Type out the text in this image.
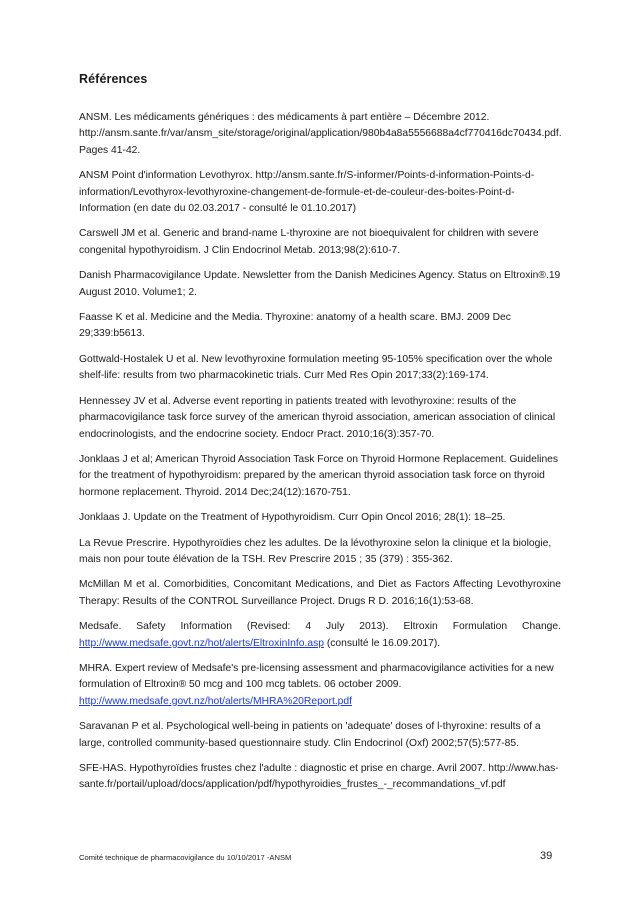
Références

ANSM. Les médicaments génériques : des médicaments à part entière – Décembre 2012. http://ansm.sante.fr/var/ansm_site/storage/original/application/980b4a8a5556688a4cf770416dc70434.pdf. Pages 41-42.

ANSM Point d'information Levothyrox. http://ansm.sante.fr/S-informer/Points-d-information-Points-d-information/Levothyrox-levothyroxine-changement-de-formule-et-de-couleur-des-boites-Point-d-Information (en date du 02.03.2017 - consulté le 01.10.2017)

Carswell JM et al. Generic and brand-name L-thyroxine are not bioequivalent for children with severe congenital hypothyroidism. J Clin Endocrinol Metab. 2013;98(2):610-7.

Danish Pharmacovigilance Update. Newsletter from the Danish Medicines Agency. Status on Eltroxin®.19 August 2010. Volume1; 2.

Faasse K et al. Medicine and the Media. Thyroxine: anatomy of a health scare. BMJ. 2009 Dec 29;339:b5613.

Gottwald-Hostalek U et al. New levothyroxine formulation meeting 95-105% specification over the whole shelf-life: results from two pharmacokinetic trials. Curr Med Res Opin 2017;33(2):169-174.

Hennessey JV et al. Adverse event reporting in patients treated with levothyroxine: results of the pharmacovigilance task force survey of the american thyroid association, american association of clinical endocrinologists, and the endocrine society. Endocr Pract. 2010;16(3):357-70.

Jonklaas J et al; American Thyroid Association Task Force on Thyroid Hormone Replacement. Guidelines for the treatment of hypothyroidism: prepared by the american thyroid association task force on thyroid hormone replacement. Thyroid. 2014 Dec;24(12):1670-751.

Jonklaas J. Update on the Treatment of Hypothyroidism. Curr Opin Oncol 2016; 28(1): 18–25.

La Revue Prescrire. Hypothyroïdies chez les adultes. De la lévothyroxine selon la clinique et la biologie, mais non pour toute élévation de la TSH. Rev Prescrire 2015 ; 35 (379) : 355-362.

McMillan M et al. Comorbidities, Concomitant Medications, and Diet as Factors Affecting Levothyroxine Therapy: Results of the CONTROL Surveillance Project. Drugs R D. 2016;16(1):53-68.

Medsafe. Safety Information (Revised: 4 July 2013). Eltroxin Formulation Change. http://www.medsafe.govt.nz/hot/alerts/EltroxinInfo.asp (consulté le 16.09.2017).

MHRA. Expert review of Medsafe's pre-licensing assessment and pharmacovigilance activities for a new formulation of Eltroxin® 50 mcg and 100 mcg tablets. 06 october 2009. http://www.medsafe.govt.nz/hot/alerts/MHRA%20Report.pdf

Saravanan P et al. Psychological well-being in patients on 'adequate' doses of l-thyroxine: results of a large, controlled community-based questionnaire study. Clin Endocrinol (Oxf) 2002;57(5):577-85.

SFE-HAS. Hypothyroïdies frustes chez l'adulte : diagnostic et prise en charge. Avril 2007. http://www.has-sante.fr/portail/upload/docs/application/pdf/hypothyroidies_frustes_-_recommandations_vf.pdf

Comité technique de pharmacovigilance du 10/10/2017 -ANSM	39
